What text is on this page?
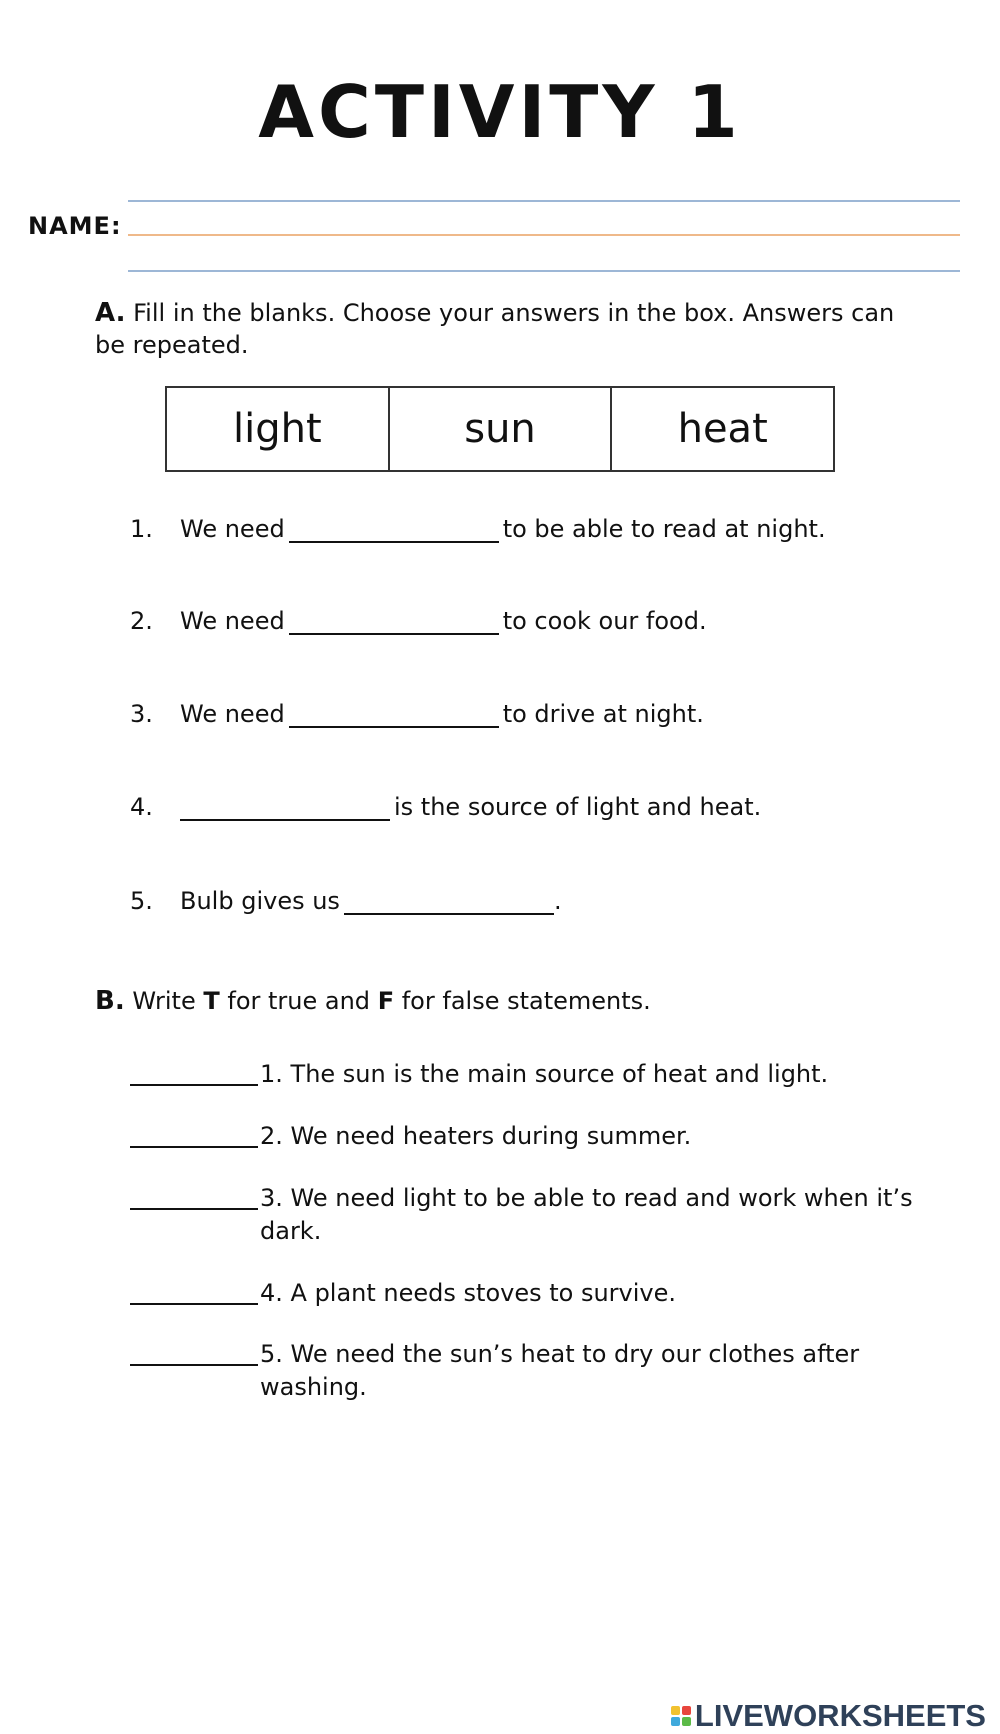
ACTIVITY 1
NAME:
A. Fill in the blanks. Choose your answers in the box. Answers can be repeated.
light	sun	heat
1.	We need	to be able to read at night.
2.	We need	to cook our food.
3.	We need	to drive at night.
4.	is the source of light and heat.
5.	Bulb gives us	.
B. Write T for true and F for false statements.
1. The sun is the main source of heat and light.
2. We need heaters during summer.
3. We need light to be able to read and work when it’s dark.
4. A plant needs stoves to survive.
5. We need the sun’s heat to dry our clothes after washing.
LIVEWORKSHEETS
